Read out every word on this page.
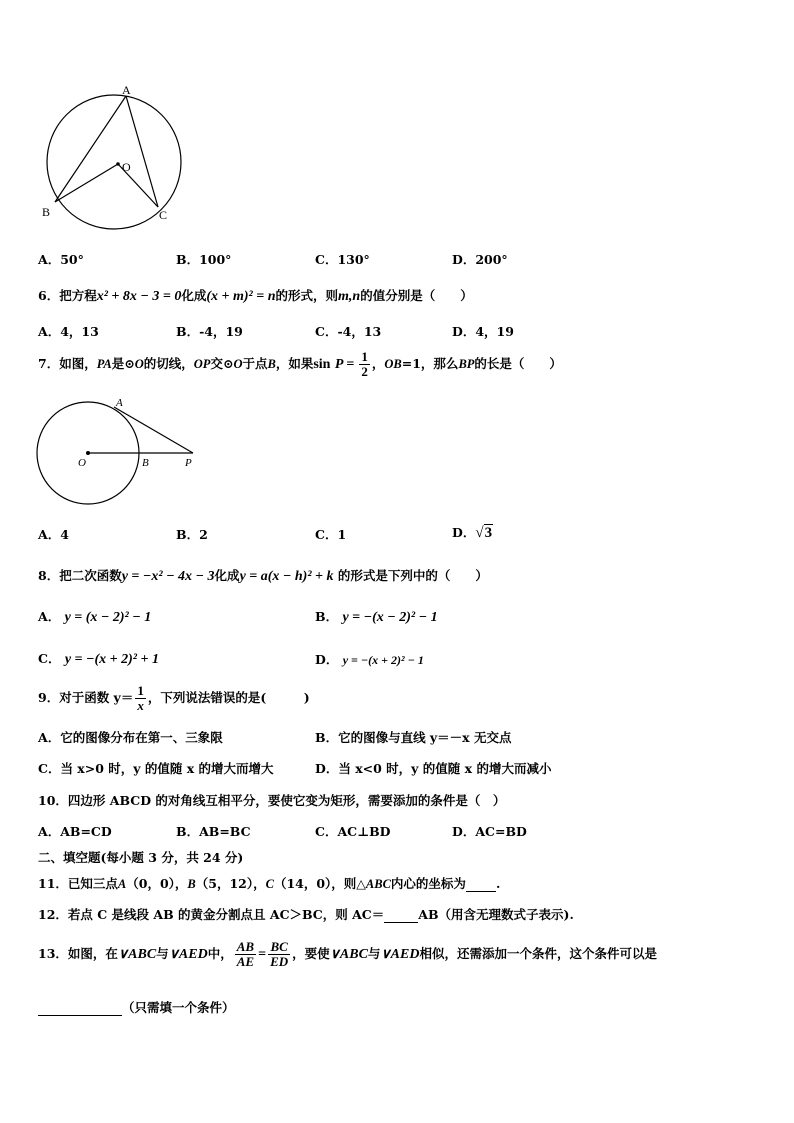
A
O
B	C
A．50°	B．100°	C．130°	D．200°
6．把方程x² + 8x − 3 = 0化成(x + m)² = n的形式，则m,n的值分别是（　　）
A．4，13	B．-4，19	C．-4，13	D．4，19
7．如图，PA是⊙O的切线，OP交⊙O于点B，如果$\sin P = \frac{1}{2}$ ，OB=1，那么BP的长是（　　）
A
O	B	P
A．4	B．2	C．1	D．√3
8．把二次函数y = −x² − 4x − 3化成y = a(x − h)² + k 的形式是下列中的（　　）
A． y = (x − 2)² − 1	B． y = −(x − 2)² − 1
C． y = −(x + 2)² + 1	D． y = −(x + 2)² − 1
9．对于函数 $y= \frac{1}{x}$ ，下列说法错误的是(　　　)
A．它的图像分布在第一、三象限	B．它的图像与直线 y＝－x 无交点
C．当 x>0 时，y 的值随 x 的增大而增大	D．当 x<0 时，y 的值随 x 的增大而减小
10．四边形 ABCD 的对角线互相平分，要使它变为矩形，需要添加的条件是（　）
A．AB=CD	B．AB=BC	C．AC⊥BD	D．AC=BD
二、填空题(每小题 3 分，共 24 分)
11．已知三点A（0，0），B（5，12），C（14，0），则△ABC内心的坐标为 .
12．若点 C 是线段 AB 的黄金分割点且 AC＞BC，则 AC＝	AB（用含无理数式子表示).
13．如图，在∨ABC与∨AED中， $\frac{AB}{AE} = \frac{BC}{ED}$ ，要使∨ABC与∨AED相似，还需添加一个条件，这个条件可以是
（只需填一个条件）
